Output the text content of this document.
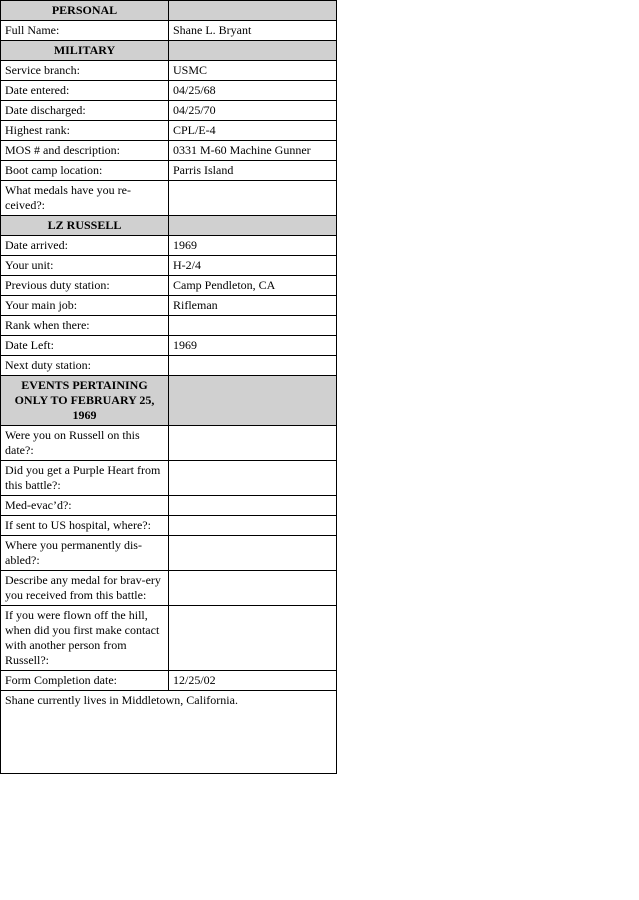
PERSONAL	
Full Name:	Shane L. Bryant
MILITARY	
Service branch:	USMC
Date entered:	04/25/68
Date discharged:	04/25/70
Highest rank:	CPL/E-4
MOS # and description:	0331 M-60 Machine Gunner
Boot camp location:	Parris Island
What medals have you re-ceived?:	
LZ RUSSELL	
Date arrived:	1969
Your unit:	H-2/4
Previous duty station:	Camp Pendleton, CA
Your main job:	Rifleman
Rank when there:	
Date Left:	1969
Next duty station:	
EVENTS PERTAINING ONLY TO FEBRUARY 25, 1969	
Were you on Russell on this date?:	
Did you get a Purple Heart from this battle?:	
Med-evac’d?:	
If sent to US hospital, where?:	
Where you permanently dis-abled?:	
Describe any medal for brav-ery you received from this battle:	
If you were flown off the hill, when did you first make contact with another person from Russell?:	
Form Completion date:	12/25/02
Shane currently lives in Middletown, California.	
